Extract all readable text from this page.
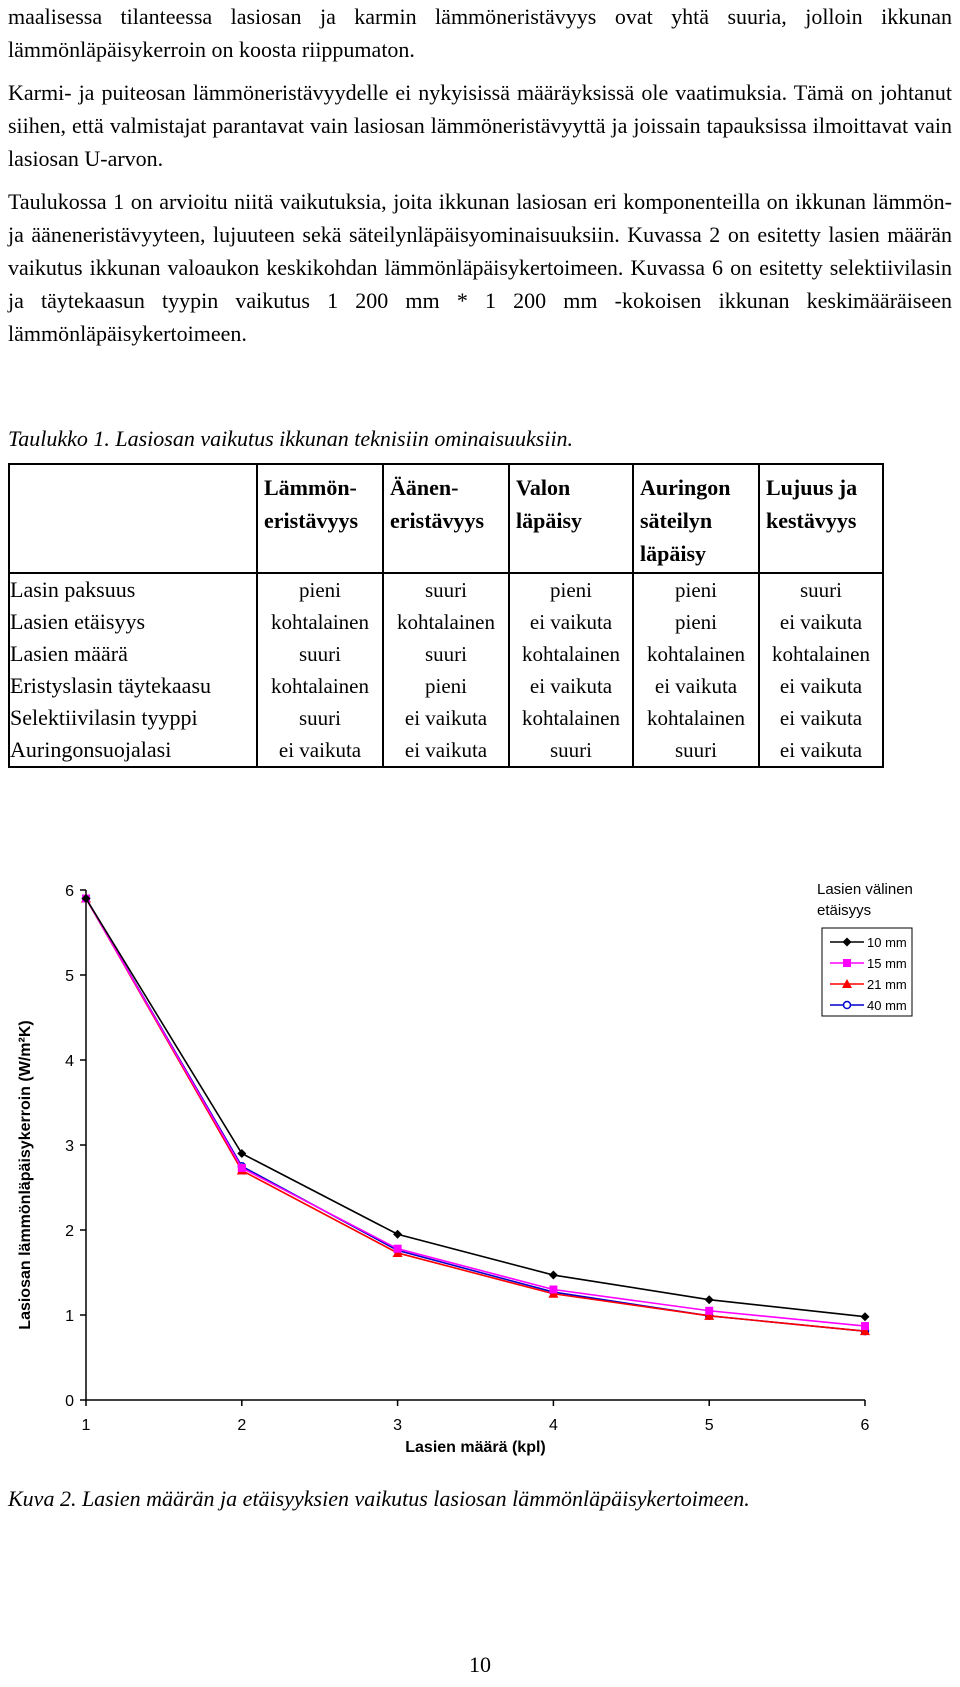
maalisessa tilanteessa lasiosan ja karmin lämmöneristävyys ovat yhtä suuria, jolloin ikkunan lämmönläpäisykerroin on koosta riippumaton.

Karmi- ja puiteosan lämmöneristävyydelle ei nykyisissä määräyksissä ole vaatimuksia. Tämä on johtanut siihen, että valmistajat parantavat vain lasiosan lämmöneristävyyttä ja joissain tapauksissa ilmoittavat vain lasiosan U-arvon.

Taulukossa 1 on arvioitu niitä vaikutuksia, joita ikkunan lasiosan eri komponenteilla on ikkunan lämmön- ja ääneneristävyyteen, lujuuteen sekä säteilynläpäisyominaisuuksiin. Kuvassa 2 on esitetty lasien määrän vaikutus ikkunan valoaukon keskikohdan lämmönläpäisykertoimeen. Kuvassa 6 on esitetty selektiivilasin ja täytekaasun tyypin vaikutus 1 200 mm * 1 200 mm -kokoisen ikkunan keskimääräiseen lämmönläpäisykertoimeen.

Taulukko 1. Lasiosan vaikutus ikkunan teknisiin ominaisuuksiin.

	Lämmön-eristävyys	Äänen-eristävyys	Valon läpäisy	Auringon säteilyn läpäisy	Lujuus ja kestävyys
Lasin paksuus	pieni	suuri	pieni	pieni	suuri
Lasien etäisyys	kohtalainen	kohtalainen	ei vaikuta	pieni	ei vaikuta
Lasien määrä	suuri	suuri	kohtalainen	kohtalainen	kohtalainen
Eristyslasin täytekaasu	kohtalainen	pieni	ei vaikuta	ei vaikuta	ei vaikuta
Selektiivilasin tyyppi	suuri	ei vaikuta	kohtalainen	kohtalainen	ei vaikuta
Auringonsuojalasi	ei vaikuta	ei vaikuta	suuri	suuri	ei vaikuta
0
1
2
3
4
5
6
1	2	3	4	5	6
Lasien määrä (kpl)
Lasiosan lämmönläpäisykerroin (W/m²K)
Lasien välinen
etäisyys
10 mm
15 mm
21 mm
40 mm

Kuva 2. Lasien määrän ja etäisyyksien vaikutus lasiosan lämmönläpäisykertoimeen.

10
